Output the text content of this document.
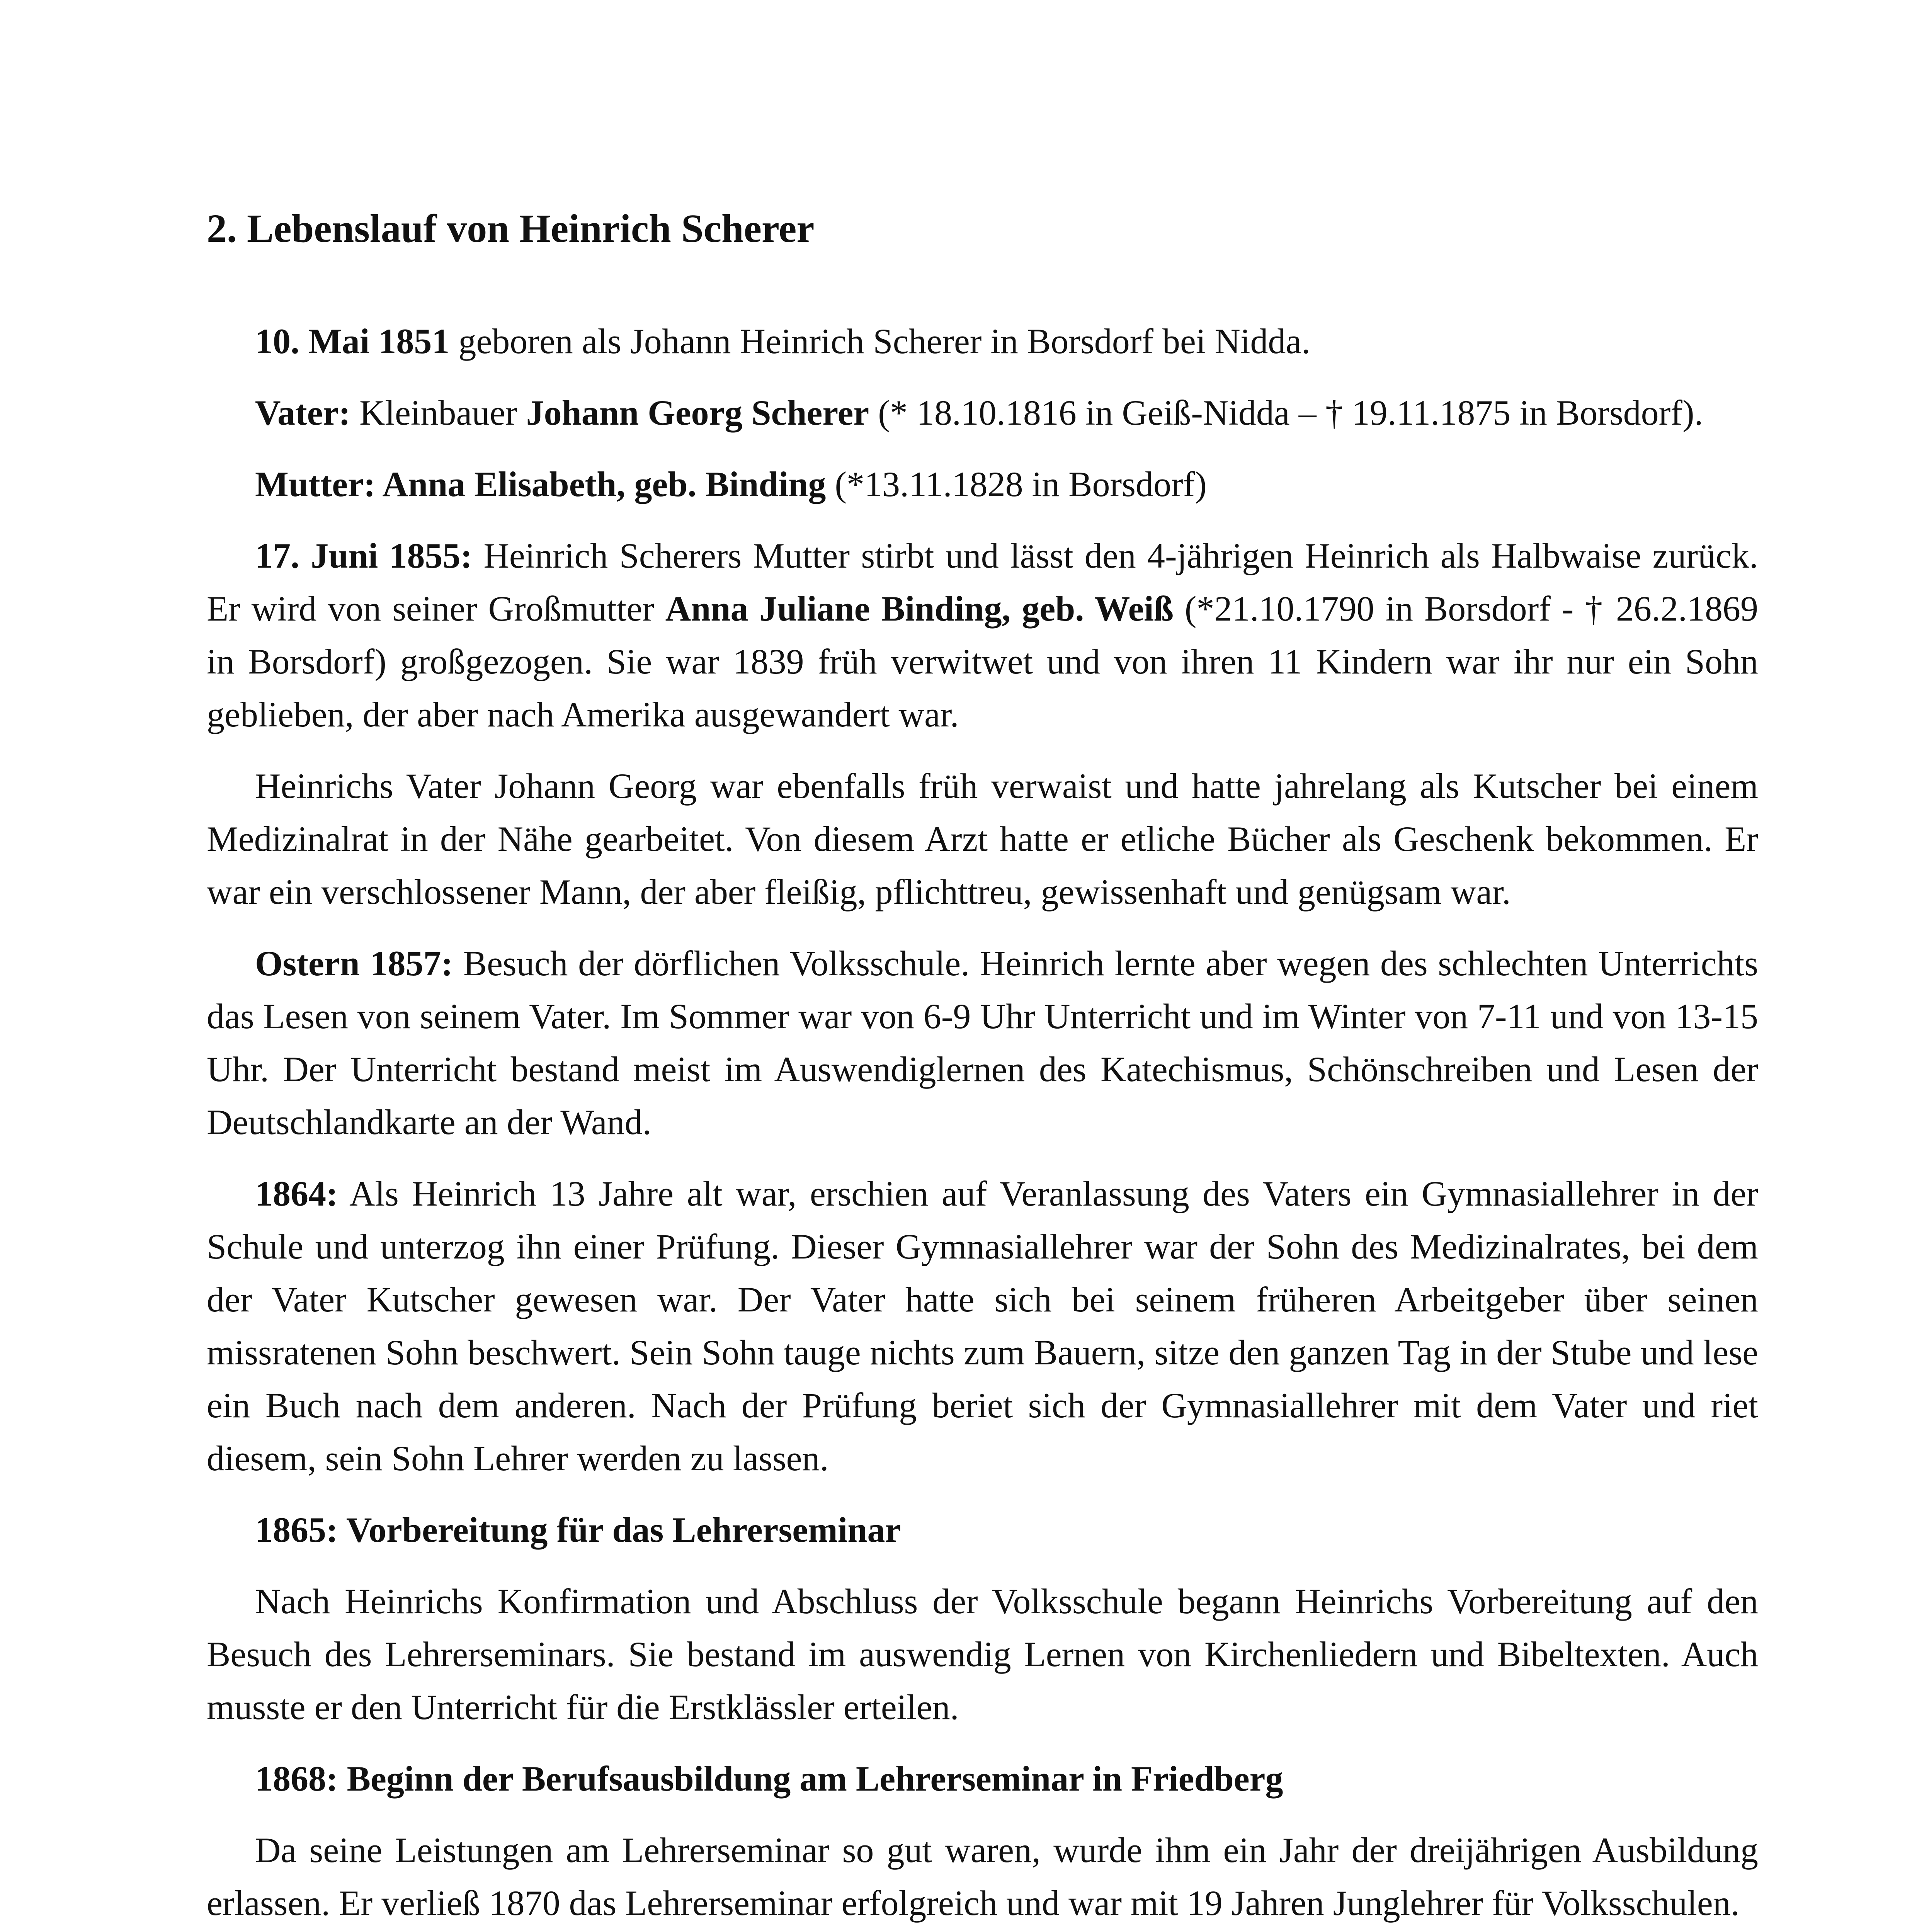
2. Lebenslauf von Heinrich Scherer

10. Mai 1851 geboren als Johann Heinrich Scherer in Borsdorf bei Nidda.

Vater: Kleinbauer Johann Georg Scherer (* 18.10.1816 in Geiß-Nidda – † 19.11.1875 in Borsdorf).

Mutter: Anna Elisabeth, geb. Binding (*13.11.1828 in Borsdorf)

17. Juni 1855: Heinrich Scherers Mutter stirbt und lässt den 4-jährigen Heinrich als Halbwaise zurück. Er wird von seiner Großmutter Anna Juliane Binding, geb. Weiß (*21.10.1790 in Borsdorf - † 26.2.1869 in Borsdorf) großgezogen. Sie war 1839 früh verwitwet und von ihren 11 Kindern war ihr nur ein Sohn geblieben, der aber nach Amerika ausgewandert war.

Heinrichs Vater Johann Georg war ebenfalls früh verwaist und hatte jahrelang als Kutscher bei einem Medizinalrat in der Nähe gearbeitet. Von diesem Arzt hatte er etliche Bücher als Geschenk bekommen. Er war ein verschlossener Mann, der aber fleißig, pflichttreu, gewissenhaft und genügsam war.

Ostern 1857: Besuch der dörflichen Volksschule. Heinrich lernte aber wegen des schlechten Unterrichts das Lesen von seinem Vater. Im Sommer war von 6-9 Uhr Unterricht und im Winter von 7-11 und von 13-15 Uhr. Der Unterricht bestand meist im Auswendiglernen des Katechismus, Schönschreiben und Lesen der Deutschlandkarte an der Wand.

1864: Als Heinrich 13 Jahre alt war, erschien auf Veranlassung des Vaters ein Gymnasiallehrer in der Schule und unterzog ihn einer Prüfung. Dieser Gymnasiallehrer war der Sohn des Medizinalrates, bei dem der Vater Kutscher gewesen war. Der Vater hatte sich bei seinem früheren Arbeitgeber über seinen missratenen Sohn beschwert. Sein Sohn tauge nichts zum Bauern, sitze den ganzen Tag in der Stube und lese ein Buch nach dem anderen. Nach der Prüfung beriet sich der Gymnasiallehrer mit dem Vater und riet diesem, sein Sohn Lehrer werden zu lassen.

1865: Vorbereitung für das Lehrerseminar

Nach Heinrichs Konfirmation und Abschluss der Volksschule begann Heinrichs Vorbereitung auf den Besuch des Lehrerseminars. Sie bestand im auswendig Lernen von Kirchenliedern und Bibeltexten. Auch musste er den Unterricht für die Erstklässler erteilen.

1868: Beginn der Berufsausbildung am Lehrerseminar in Friedberg

Da seine Leistungen am Lehrerseminar so gut waren, wurde ihm ein Jahr der dreijährigen Ausbildung erlassen. Er verließ 1870 das Lehrerseminar erfolgreich und war mit 19 Jahren Junglehrer für Volksschulen.
